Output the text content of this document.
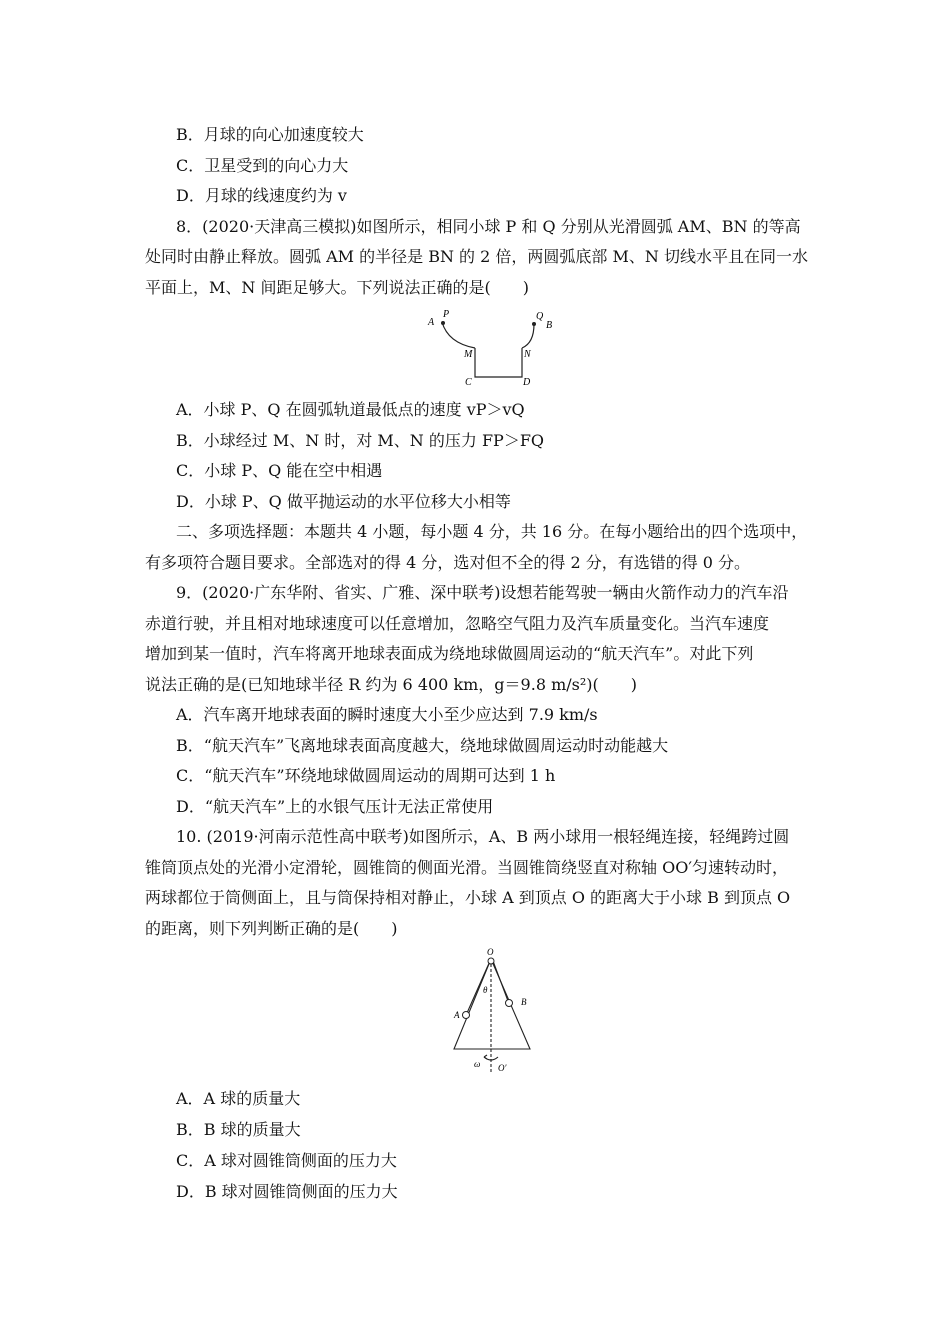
B．月球的向心加速度较大
C．卫星受到的向心力大
D．月球的线速度约为 v
8．(2020·天津高三模拟)如图所示，相同小球 P 和 Q 分别从光滑圆弧 AM、BN 的等高
处同时由静止释放。圆弧 AM 的半径是 BN 的 2 倍，两圆弧底部 M、N 切线水平且在同一水
平面上，M、N 间距足够大。下列说法正确的是(　　)
A
P	Q
B
M	N
C	D
A．小球 P、Q 在圆弧轨道最低点的速度 vP＞vQ
B．小球经过 M、N 时，对 M、N 的压力 FP＞FQ
C．小球 P、Q 能在空中相遇
D．小球 P、Q 做平抛运动的水平位移大小相等
二、多项选择题：本题共 4 小题，每小题 4 分，共 16 分。在每小题给出的四个选项中，
有多项符合题目要求。全部选对的得 4 分，选对但不全的得 2 分，有选错的得 0 分。
9．(2020·广东华附、省实、广雅、深中联考)设想若能驾驶一辆由火箭作动力的汽车沿
赤道行驶，并且相对地球速度可以任意增加，忽略空气阻力及汽车质量变化。当汽车速度
增加到某一值时，汽车将离开地球表面成为绕地球做圆周运动的“航天汽车”。对此下列
说法正确的是(已知地球半径 R 约为 6 400 km，g＝9.8 m/s²)(　　)
A．汽车离开地球表面的瞬时速度大小至少应达到 7.9 km/s
B．“航天汽车”飞离地球表面高度越大，绕地球做圆周运动时动能越大
C．“航天汽车”环绕地球做圆周运动的周期可达到 1 h
D．“航天汽车”上的水银气压计无法正常使用
10. (2019·河南示范性高中联考)如图所示，A、B 两小球用一根轻绳连接，轻绳跨过圆
锥筒顶点处的光滑小定滑轮，圆锥筒的侧面光滑。当圆锥筒绕竖直对称轴 OO′匀速转动时，
两球都位于筒侧面上，且与筒保持相对静止，小球 A 到顶点 O 的距离大于小球 B 到顶点 O
的距离，则下列判断正确的是(　　)
O
θ
A
B
ω O′
A．A 球的质量大
B．B 球的质量大
C．A 球对圆锥筒侧面的压力大
D．B 球对圆锥筒侧面的压力大
